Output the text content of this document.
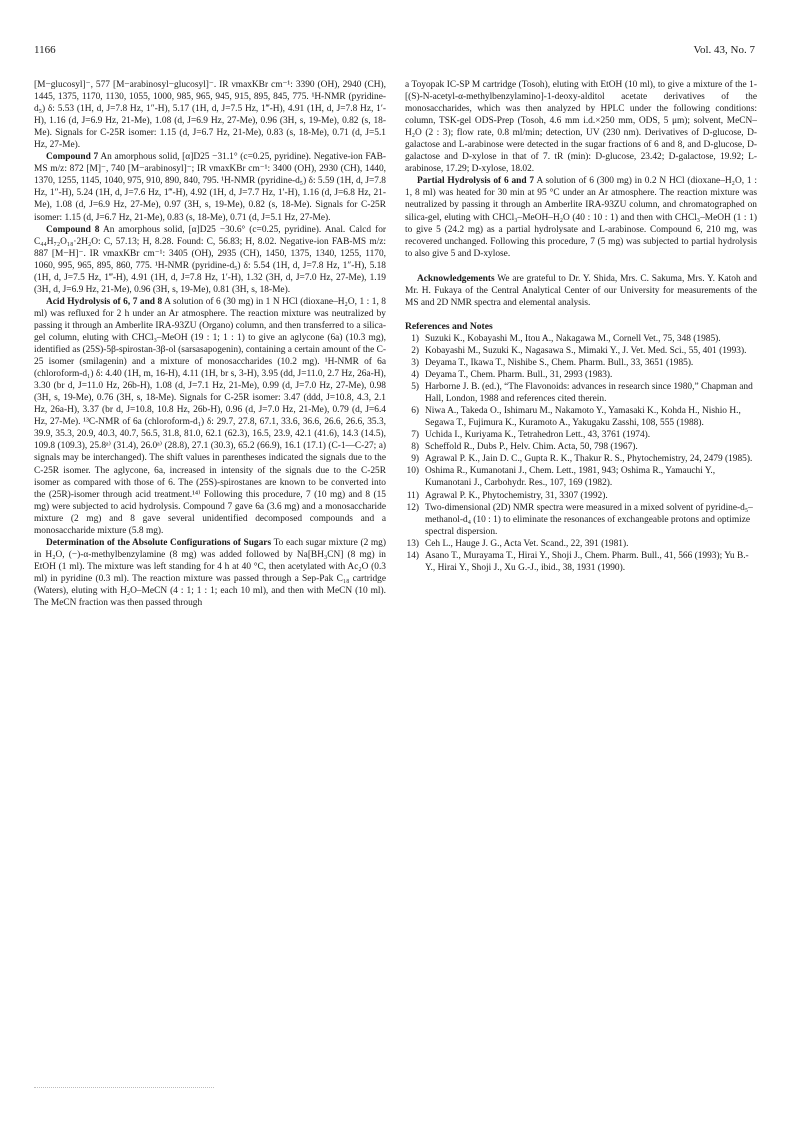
1166	Vol. 43, No. 7

[M−glucosyl]⁻, 577 [M−arabinosyl−glucosyl]⁻. IR νmaxKBr cm⁻¹: 3390 (OH), 2940 (CH), 1445, 1375, 1170, 1130, 1055, 1000, 985, 965, 945, 915, 895, 845, 775. ¹H-NMR (pyridine-d₅) δ: 5.53 (1H, d, J=7.8 Hz, 1″-H), 5.17 (1H, d, J=7.5 Hz, 1‴-H), 4.91 (1H, d, J=7.8 Hz, 1′-H), 1.16 (d, J=6.9 Hz, 21-Me), 1.08 (d, J=6.9 Hz, 27-Me), 0.96 (3H, s, 19-Me), 0.82 (s, 18-Me). Signals for C-25R isomer: 1.15 (d, J=6.7 Hz, 21-Me), 0.83 (s, 18-Me), 0.71 (d, J=5.1 Hz, 27-Me).

Compound 7 An amorphous solid, [α]D25 −31.1° (c=0.25, pyridine). Negative-ion FAB-MS m/z: 872 [M]⁻, 740 [M−arabinosyl]⁻; IR νmaxKBr cm⁻¹: 3400 (OH), 2930 (CH), 1440, 1370, 1255, 1145, 1040, 975, 910, 890, 840, 795. ¹H-NMR (pyridine-d₅) δ: 5.59 (1H, d, J=7.8 Hz, 1″-H), 5.24 (1H, d, J=7.6 Hz, 1‴-H), 4.92 (1H, d, J=7.7 Hz, 1′-H), 1.16 (d, J=6.8 Hz, 21-Me), 1.08 (d, J=6.9 Hz, 27-Me), 0.97 (3H, s, 19-Me), 0.82 (s, 18-Me). Signals for C-25R isomer: 1.15 (d, J=6.7 Hz, 21-Me), 0.83 (s, 18-Me), 0.71 (d, J=5.1 Hz, 27-Me).

Compound 8 An amorphous solid, [α]D25 −30.6° (c=0.25, pyridine). Anal. Calcd for C₄₄H₇₂O₁₈·2H₂O: C, 57.13; H, 8.28. Found: C, 56.83; H, 8.02. Negative-ion FAB-MS m/z: 887 [M−H]⁻. IR νmaxKBr cm⁻¹: 3405 (OH), 2935 (CH), 1450, 1375, 1340, 1255, 1170, 1060, 995, 965, 895, 860, 775. ¹H-NMR (pyridine-d₅) δ: 5.54 (1H, d, J=7.8 Hz, 1″-H), 5.18 (1H, d, J=7.5 Hz, 1‴-H), 4.91 (1H, d, J=7.8 Hz, 1′-H), 1.32 (3H, d, J=7.0 Hz, 27-Me), 1.19 (3H, d, J=6.9 Hz, 21-Me), 0.96 (3H, s, 19-Me), 0.81 (3H, s, 18-Me).

Acid Hydrolysis of 6, 7 and 8 A solution of 6 (30 mg) in 1 N HCl (dioxane–H₂O, 1 : 1, 8 ml) was refluxed for 2 h under an Ar atmosphere. The reaction mixture was neutralized by passing it through an Amberlite IRA-93ZU (Organo) column, and then transferred to a silica-gel column, eluting with CHCl₃–MeOH (19 : 1; 1 : 1) to give an aglycone (6a) (10.3 mg), identified as (25S)-5β-spirostan-3β-ol (sarsasapogenin), containing a certain amount of the C-25 isomer (smilagenin) and a mixture of monosaccharides (10.2 mg). ¹H-NMR of 6a (chloroform-d₁) δ: 4.40 (1H, m, 16-H), 4.11 (1H, br s, 3-H), 3.95 (dd, J=11.0, 2.7 Hz, 26a-H), 3.30 (br d, J=11.0 Hz, 26b-H), 1.08 (d, J=7.1 Hz, 21-Me), 0.99 (d, J=7.0 Hz, 27-Me), 0.98 (3H, s, 19-Me), 0.76 (3H, s, 18-Me). Signals for C-25R isomer: 3.47 (ddd, J=10.8, 4.3, 2.1 Hz, 26a-H), 3.37 (br d, J=10.8, 10.8 Hz, 26b-H), 0.96 (d, J=7.0 Hz, 21-Me), 0.79 (d, J=6.4 Hz, 27-Me). ¹³C-NMR of 6a (chloroform-d₁) δ: 29.7, 27.8, 67.1, 33.6, 36.6, 26.6, 26.6, 35.3, 39.9, 35.3, 20.9, 40.3, 40.7, 56.5, 31.8, 81.0, 62.1 (62.3), 16.5, 23.9, 42.1 (41.6), 14.3 (14.5), 109.8 (109.3), 25.8ᵃ⁾ (31.4), 26.0ᵃ⁾ (28.8), 27.1 (30.3), 65.2 (66.9), 16.1 (17.1) (C-1—C-27; a) signals may be interchanged). The shift values in parentheses indicated the signals due to the C-25R isomer. The aglycone, 6a, increased in intensity of the signals due to the C-25R isomer as compared with those of 6. The (25S)-spirostanes are known to be converted into the (25R)-isomer through acid treatment.¹⁴⁾ Following this procedure, 7 (10 mg) and 8 (15 mg) were subjected to acid hydrolysis. Compound 7 gave 6a (3.6 mg) and a monosaccharide mixture (2 mg) and 8 gave several unidentified decomposed compounds and a monosaccharide mixture (5.8 mg).

Determination of the Absolute Configurations of Sugars To each sugar mixture (2 mg) in H₂O, (−)-α-methylbenzylamine (8 mg) was added followed by Na[BH₃CN] (8 mg) in EtOH (1 ml). The mixture was left standing for 4 h at 40 °C, then acetylated with Ac₂O (0.3 ml) in pyridine (0.3 ml). The reaction mixture was passed through a Sep-Pak C₁₈ cartridge (Waters), eluting with H₂O–MeCN (4 : 1; 1 : 1; each 10 ml), and then with MeCN (10 ml). The MeCN fraction was then passed through

a Toyopak IC-SP M cartridge (Tosoh), eluting with EtOH (10 ml), to give a mixture of the 1-[(S)-N-acetyl-α-methylbenzylamino]-1-deoxy-alditol acetate derivatives of the monosaccharides, which was then analyzed by HPLC under the following conditions: column, TSK-gel ODS-Prep (Tosoh, 4.6 mm i.d.×250 mm, ODS, 5 μm); solvent, MeCN–H₂O (2 : 3); flow rate, 0.8 ml/min; detection, UV (230 nm). Derivatives of D-glucose, D-galactose and L-arabinose were detected in the sugar fractions of 6 and 8, and D-glucose, D-galactose and D-xylose in that of 7. tR (min): D-glucose, 23.42; D-galactose, 19.92; L-arabinose, 17.29; D-xylose, 18.02.

Partial Hydrolysis of 6 and 7 A solution of 6 (300 mg) in 0.2 N HCl (dioxane–H₂O, 1 : 1, 8 ml) was heated for 30 min at 95 °C under an Ar atmosphere. The reaction mixture was neutralized by passing it through an Amberlite IRA-93ZU column, and chromatographed on silica-gel, eluting with CHCl₃–MeOH–H₂O (40 : 10 : 1) and then with CHCl₃–MeOH (1 : 1) to give 5 (24.2 mg) as a partial hydrolysate and L-arabinose. Compound 6, 210 mg, was recovered unchanged. Following this procedure, 7 (5 mg) was subjected to partial hydrolysis to also give 5 and D-xylose.

Acknowledgements We are grateful to Dr. Y. Shida, Mrs. C. Sakuma, Mrs. Y. Katoh and Mr. H. Fukaya of the Central Analytical Center of our University for measurements of the MS and 2D NMR spectra and elemental analysis.

References and Notes
1) Suzuki K., Kobayashi M., Itou A., Nakagawa M., Cornell Vet., 75, 348 (1985).
2) Kobayashi M., Suzuki K., Nagasawa S., Mimaki Y., J. Vet. Med. Sci., 55, 401 (1993).
3) Deyama T., Ikawa T., Nishibe S., Chem. Pharm. Bull., 33, 3651 (1985).
4) Deyama T., Chem. Pharm. Bull., 31, 2993 (1983).
5) Harborne J. B. (ed.), “The Flavonoids: advances in research since 1980,” Chapman and Hall, London, 1988 and references cited therein.
6) Niwa A., Takeda O., Ishimaru M., Nakamoto Y., Yamasaki K., Kohda H., Nishio H., Segawa T., Fujimura K., Kuramoto A., Yakugaku Zasshi, 108, 555 (1988).
7) Uchida I., Kuriyama K., Tetrahedron Lett., 43, 3761 (1974).
8) Scheffold R., Dubs P., Helv. Chim. Acta, 50, 798 (1967).
9) Agrawal P. K., Jain D. C., Gupta R. K., Thakur R. S., Phytochemistry, 24, 2479 (1985).
10) Oshima R., Kumanotani J., Chem. Lett., 1981, 943; Oshima R., Yamauchi Y., Kumanotani J., Carbohydr. Res., 107, 169 (1982).
11) Agrawal P. K., Phytochemistry, 31, 3307 (1992).
12) Two-dimensional (2D) NMR spectra were measured in a mixed solvent of pyridine-d₅–methanol-d₄ (10 : 1) to eliminate the resonances of exchangeable protons and optimize spectral dispersion.
13) Ceh L., Hauge J. G., Acta Vet. Scand., 22, 391 (1981).
14) Asano T., Murayama T., Hirai Y., Shoji J., Chem. Pharm. Bull., 41, 566 (1993); Yu B.-Y., Hirai Y., Shoji J., Xu G.-J., ibid., 38, 1931 (1990).
